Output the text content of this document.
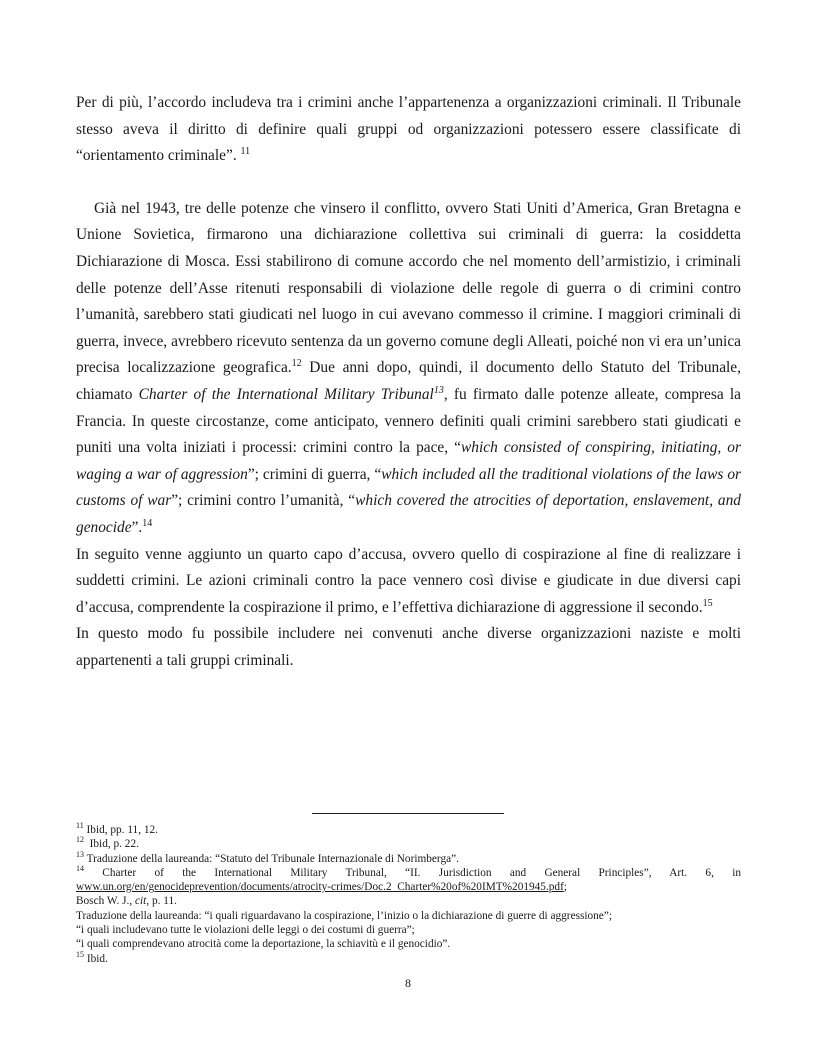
Per di più, l’accordo includeva tra i crimini anche l’appartenenza a organizzazioni criminali. Il Tribunale stesso aveva il diritto di definire quali gruppi od organizzazioni potessero essere classificate di “orientamento criminale”. $^{11}$

Già nel 1943, tre delle potenze che vinsero il conflitto, ovvero Stati Uniti d’America, Gran Bretagna e Unione Sovietica, firmarono una dichiarazione collettiva sui criminali di guerra: la cosiddetta Dichiarazione di Mosca. Essi stabilirono di comune accordo che nel momento dell’armistizio, i criminali delle potenze dell’Asse ritenuti responsabili di violazione delle regole di guerra o di crimini contro l’umanità, sarebbero stati giudicati nel luogo in cui avevano commesso il crimine. I maggiori criminali di guerra, invece, avrebbero ricevuto sentenza da un governo comune degli Alleati, poiché non vi era un’unica precisa localizzazione geografica.$^{12}$ Due anni dopo, quindi, il documento dello Statuto del Tribunale, chiamato Charter of the International Military Tribunal$^{13}$, fu firmato dalle potenze alleate, compresa la Francia. In queste circostanze, come anticipato, vennero definiti quali crimini sarebbero stati giudicati e puniti una volta iniziati i processi: crimini contro la pace, “which consisted of conspiring, initiating, or waging a war of aggression”; crimini di guerra, “which included all the traditional violations of the laws or customs of war”; crimini contro l’umanità, “which covered the atrocities of deportation, enslavement, and genocide”.$^{14}$

In seguito venne aggiunto un quarto capo d’accusa, ovvero quello di cospirazione al fine di realizzare i suddetti crimini. Le azioni criminali contro la pace vennero così divise e giudicate in due diversi capi d’accusa, comprendente la cospirazione il primo, e l’effettiva dichiarazione di aggressione il secondo.$^{15}$

In questo modo fu possibile includere nei convenuti anche diverse organizzazioni naziste e molti appartenenti a tali gruppi criminali.

$^{11}$ Ibid, pp. 11, 12.

$^{12}$  Ibid, p. 22.

$^{13}$ Traduzione della laureanda: “Statuto del Tribunale Internazionale di Norimberga”.

$^{14}$ Charter of the International Military Tribunal, “II. Jurisdiction and General Principles”, Art. 6, in www.un.org/en/genocideprevention/documents/atrocity-crimes/Doc.2_Charter%20of%20IMT%201945.pdf;

Bosch W. J., cit, p. 11.

Traduzione della laureanda: “i quali riguardavano la cospirazione, l’inizio o la dichiarazione di guerre di aggressione”;

“i quali includevano tutte le violazioni delle leggi o dei costumi di guerra”;

“i quali comprendevano atrocità come la deportazione, la schiavitù e il genocidio”.

$^{15}$ Ibid.

8
